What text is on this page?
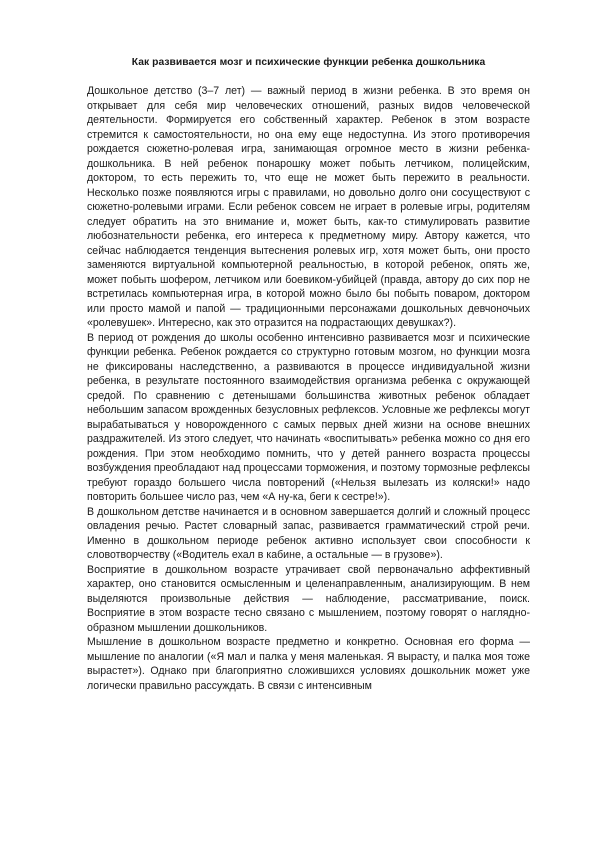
Как развивается мозг и психические функции ребенка дошкольника

Дошкольное детство (3–7 лет) — важный период в жизни ребенка. В это время он открывает для себя мир человеческих отношений, разных видов человеческой деятельности. Формируется его собственный характер. Ребенок в этом возрасте стремится к самостоятельности, но она ему еще недоступна. Из этого противоречия рождается сюжетно-ролевая игра, занимающая огромное место в жизни ребенка-дошкольника. В ней ребенок понарошку может побыть летчиком, полицейским, доктором, то есть пережить то, что еще не может быть пережито в реальности. Несколько позже появляются игры с правилами, но довольно долго они сосуществуют с сюжетно-ролевыми играми. Если ребенок совсем не играет в ролевые игры, родителям следует обратить на это внимание и, может быть, как-то стимулировать развитие любознательности ребенка, его интереса к предметному миру. Автору кажется, что сейчас наблюдается тенденция вытеснения ролевых игр, хотя может быть, они просто заменяются виртуальной компьютерной реальностью, в которой ребенок, опять же, может побыть шофером, летчиком или боевиком-убийцей (правда, автору до сих пор не встретилась компьютерная игра, в которой можно было бы побыть поваром, доктором или просто мамой и папой — традиционными персонажами дошкольных девчоночьих «ролевушек». Интересно, как это отразится на подрастающих девушках?).

В период от рождения до школы особенно интенсивно развивается мозг и психические функции ребенка. Ребенок рождается со структурно готовым мозгом, но функции мозга не фиксированы наследственно, а развиваются в процессе индивидуальной жизни ребенка, в результате постоянного взаимодействия организма ребенка с окружающей средой. По сравнению с детенышами большинства животных ребенок обладает небольшим запасом врожденных безусловных рефлексов. Условные же рефлексы могут вырабатываться у новорожденного с самых первых дней жизни на основе внешних раздражителей. Из этого следует, что начинать «воспитывать» ребенка можно со дня его рождения. При этом необходимо помнить, что у детей раннего возраста процессы возбуждения преобладают над процессами торможения, и поэтому тормозные рефлексы требуют гораздо большего числа повторений («Нельзя вылезать из коляски!» надо повторить большее число раз, чем «А ну-ка, беги к сестре!»).

В дошкольном детстве начинается и в основном завершается долгий и сложный процесс овладения речью. Растет словарный запас, развивается грамматический строй речи. Именно в дошкольном периоде ребенок активно использует свои способности к словотворчеству («Водитель ехал в кабине, а остальные — в грузове»).

Восприятие в дошкольном возрасте утрачивает свой первоначально аффективный характер, оно становится осмысленным и целенаправленным, анализирующим. В нем выделяются произвольные действия — наблюдение, рассматривание, поиск. Восприятие в этом возрасте тесно связано с мышлением, поэтому говорят о наглядно-образном мышлении дошкольников.

Мышление в дошкольном возрасте предметно и конкретно. Основная его форма — мышление по аналогии («Я мал и палка у меня маленькая. Я вырасту, и палка моя тоже вырастет»). Однако при благоприятно сложившихся условиях дошкольник может уже логически правильно рассуждать. В связи с интенсивным
